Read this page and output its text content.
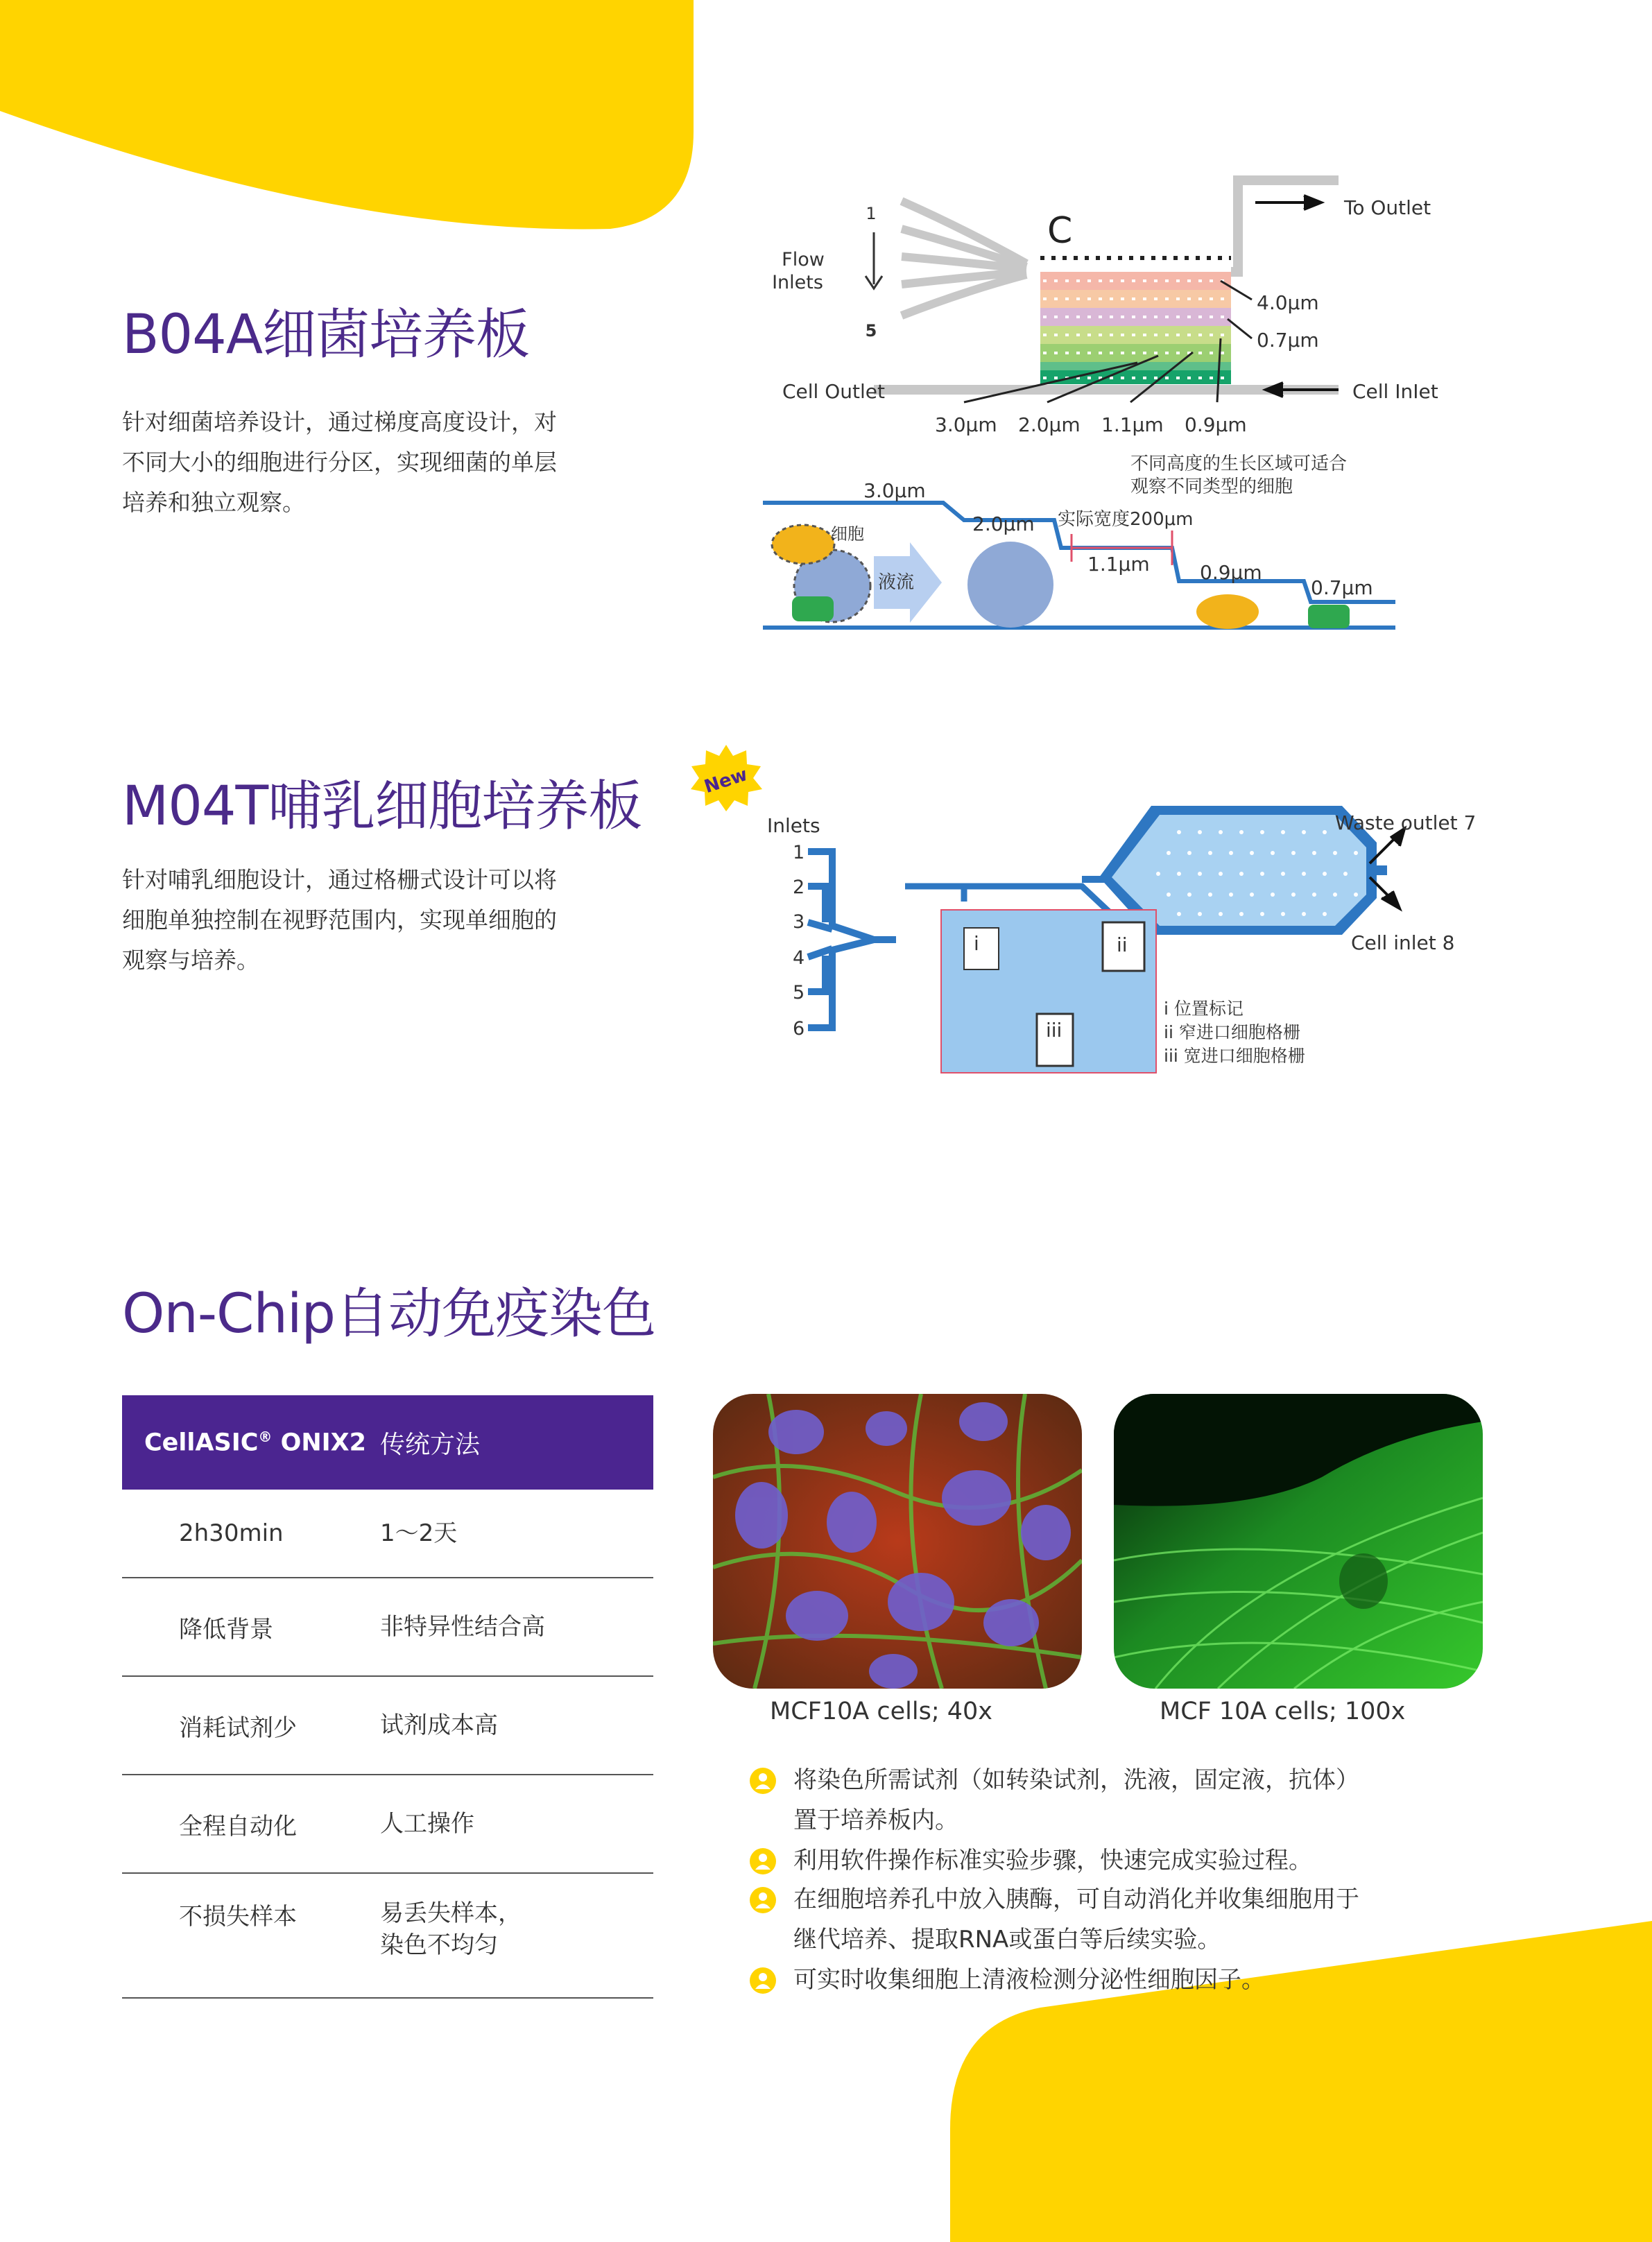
B04A细菌培养板
针对细菌培养设计，通过梯度高度设计，对不同大小的细胞进行分区，实现细菌的单层培养和独立观察。
1
5
Flow
Inlets
C
To Outlet
Cell Outlet	Cell InIet
4.0μm
0.7μm
3.0μm 2.0μm 1.1μm 0.9μm
不同高度的生长区域可适合
观察不同类型的细胞
3.0μm
2.0μm 实际宽度200μm
1.1μm	0.9μm
0.7μm
细胞
液流
M04T哺乳细胞培养板	New
针对哺乳细胞设计，通过格栅式设计可以将细胞单独控制在视野范围内，实现单细胞的观察与培养。
Inlets
1
2
3
4
5
6
Waste outlet 7
Cell inlet 8
i	ii
iii
i 位置标记
ii 窄进口细胞格栅
iii 宽进口细胞格栅
On-Chip自动免疫染色
CellASIC® ONIX2 传统方法
2h30min	1～2天
降低背景	非特异性结合高
消耗试剂少	试剂成本高
全程自动化	人工操作
不损失样本	易丢失样本，
染色不均匀
MCF10A cells; 40x	MCF 10A cells; 100x
将染色所需试剂（如转染试剂，洗液，固定液，抗体）
置于培养板内。
利用软件操作标准实验步骤，快速完成实验过程。
在细胞培养孔中放入胰酶，可自动消化并收集细胞用于
继代培养、提取RNA或蛋白等后续实验。
可实时收集细胞上清液检测分泌性细胞因子。
